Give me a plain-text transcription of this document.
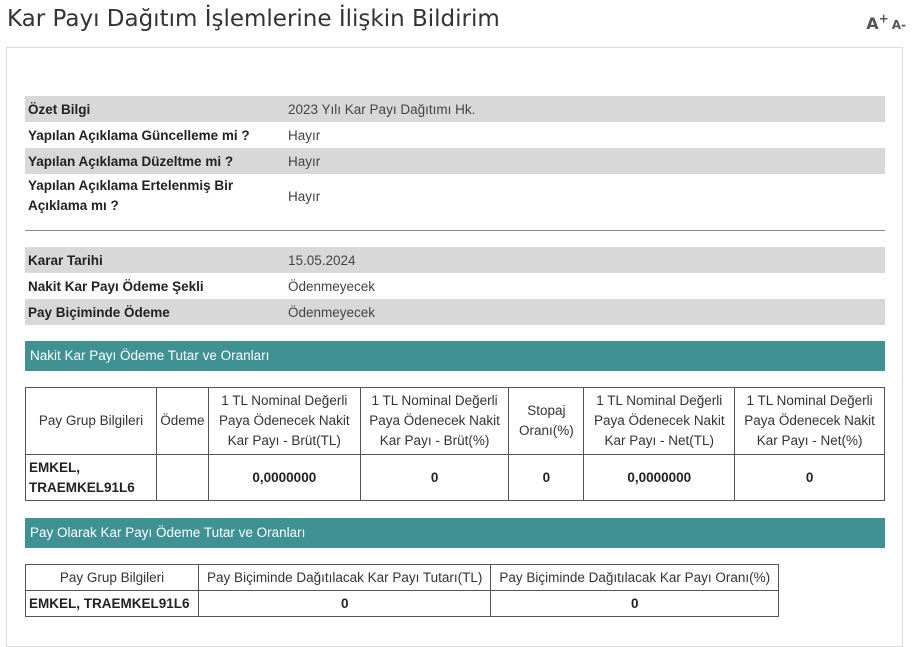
Kar Payı Dağıtım İşlemlerine İlişkin Bildirim	A+ A-
Özet Bilgi	2023 Yılı Kar Payı Dağıtımı Hk.
Yapılan Açıklama Güncelleme mi ?	Hayır
Yapılan Açıklama Düzeltme mi ?	Hayır
Yapılan Açıklama Ertelenmiş Bir Açıklama mı ?	Hayır
Karar Tarihi	15.05.2024
Nakit Kar Payı Ödeme Şekli	Ödenmeyecek
Pay Biçiminde Ödeme	Ödenmeyecek
Nakit Kar Payı Ödeme Tutar ve Oranları
Pay Grup Bilgileri	Ödeme	1 TL Nominal Değerli Paya Ödenecek Nakit Kar Payı - Brüt(TL)	1 TL Nominal Değerli Paya Ödenecek Nakit Kar Payı - Brüt(%)	Stopaj Oranı(%)	1 TL Nominal Değerli Paya Ödenecek Nakit Kar Payı - Net(TL)	1 TL Nominal Değerli Paya Ödenecek Nakit Kar Payı - Net(%)
EMKEL, TRAEMKEL91L6		0,0000000	0	0	0,0000000	0
Pay Olarak Kar Payı Ödeme Tutar ve Oranları
Pay Grup Bilgileri	Pay Biçiminde Dağıtılacak Kar Payı Tutarı(TL)	Pay Biçiminde Dağıtılacak Kar Payı Oranı(%)
EMKEL, TRAEMKEL91L6	0	0
